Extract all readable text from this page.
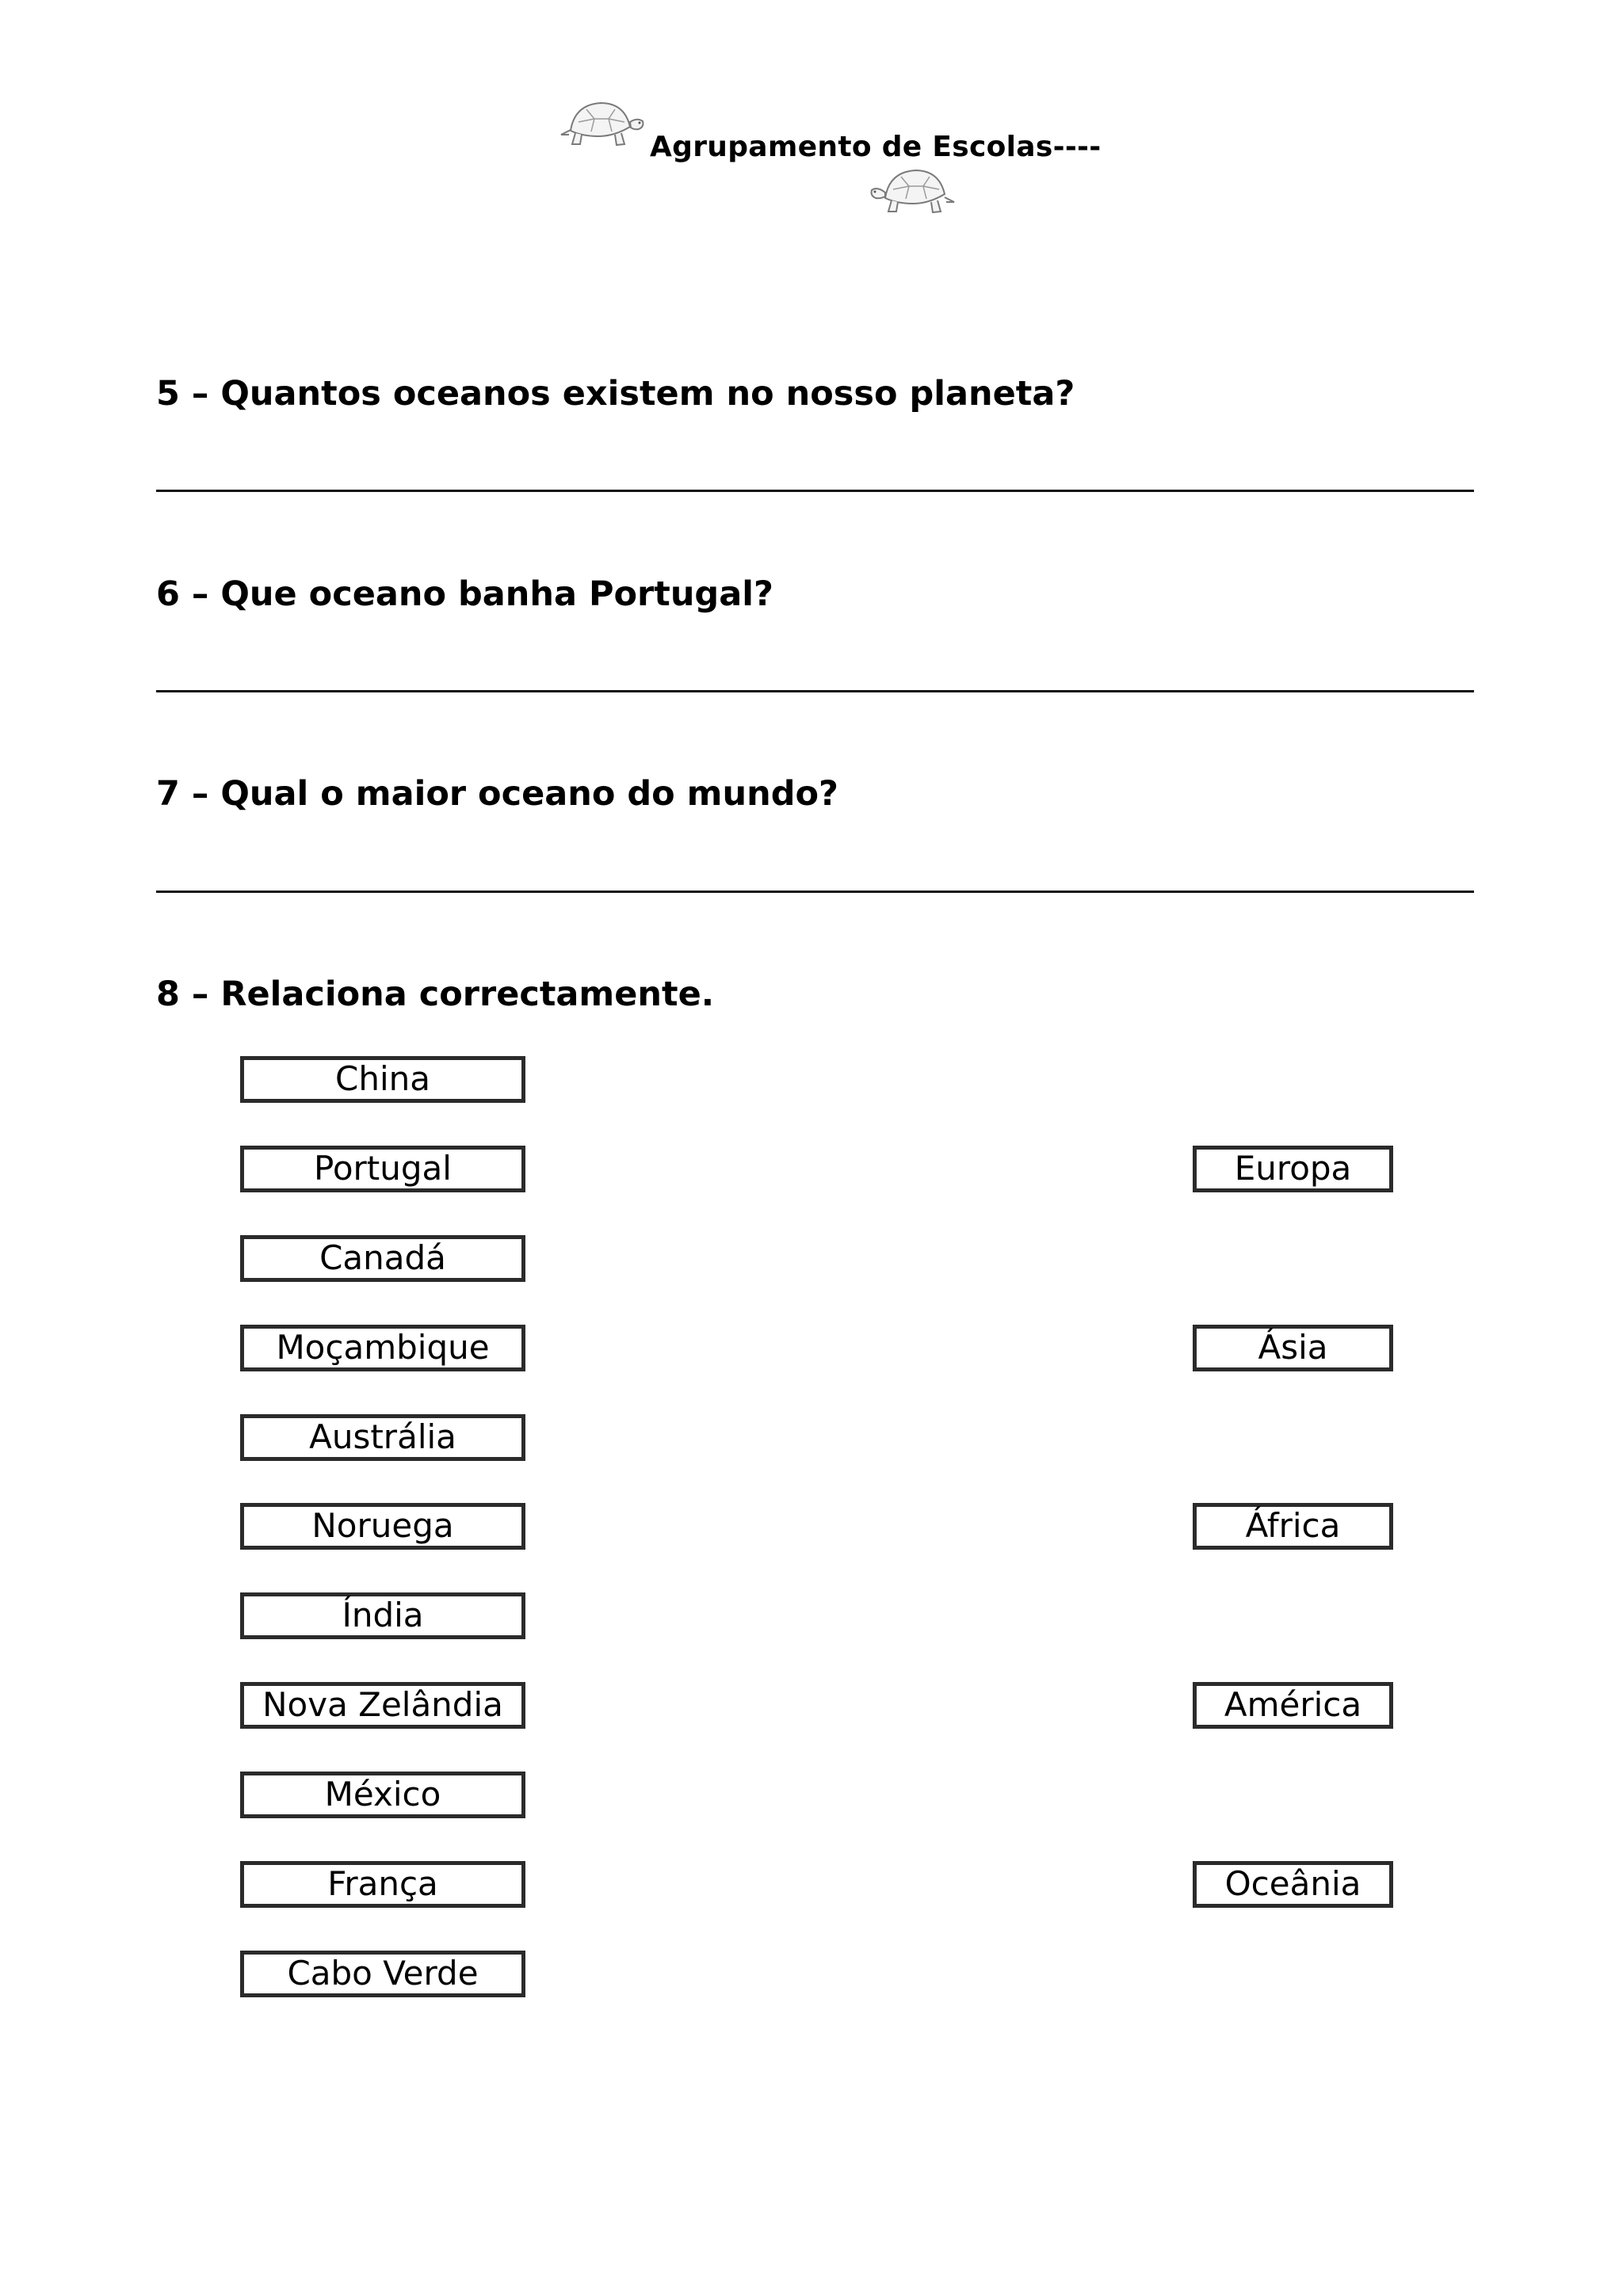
Agrupamento de Escolas----
5 – Quantos oceanos existem no nosso planeta?
6 – Que oceano banha Portugal?
7 – Qual o maior oceano do mundo?
8 – Relaciona correctamente.
China
Portugal
Canadá
Moçambique
Austrália
Noruega
Índia
Nova Zelândia
México
França
Cabo Verde
Europa
Ásia
África
América
Oceânia
